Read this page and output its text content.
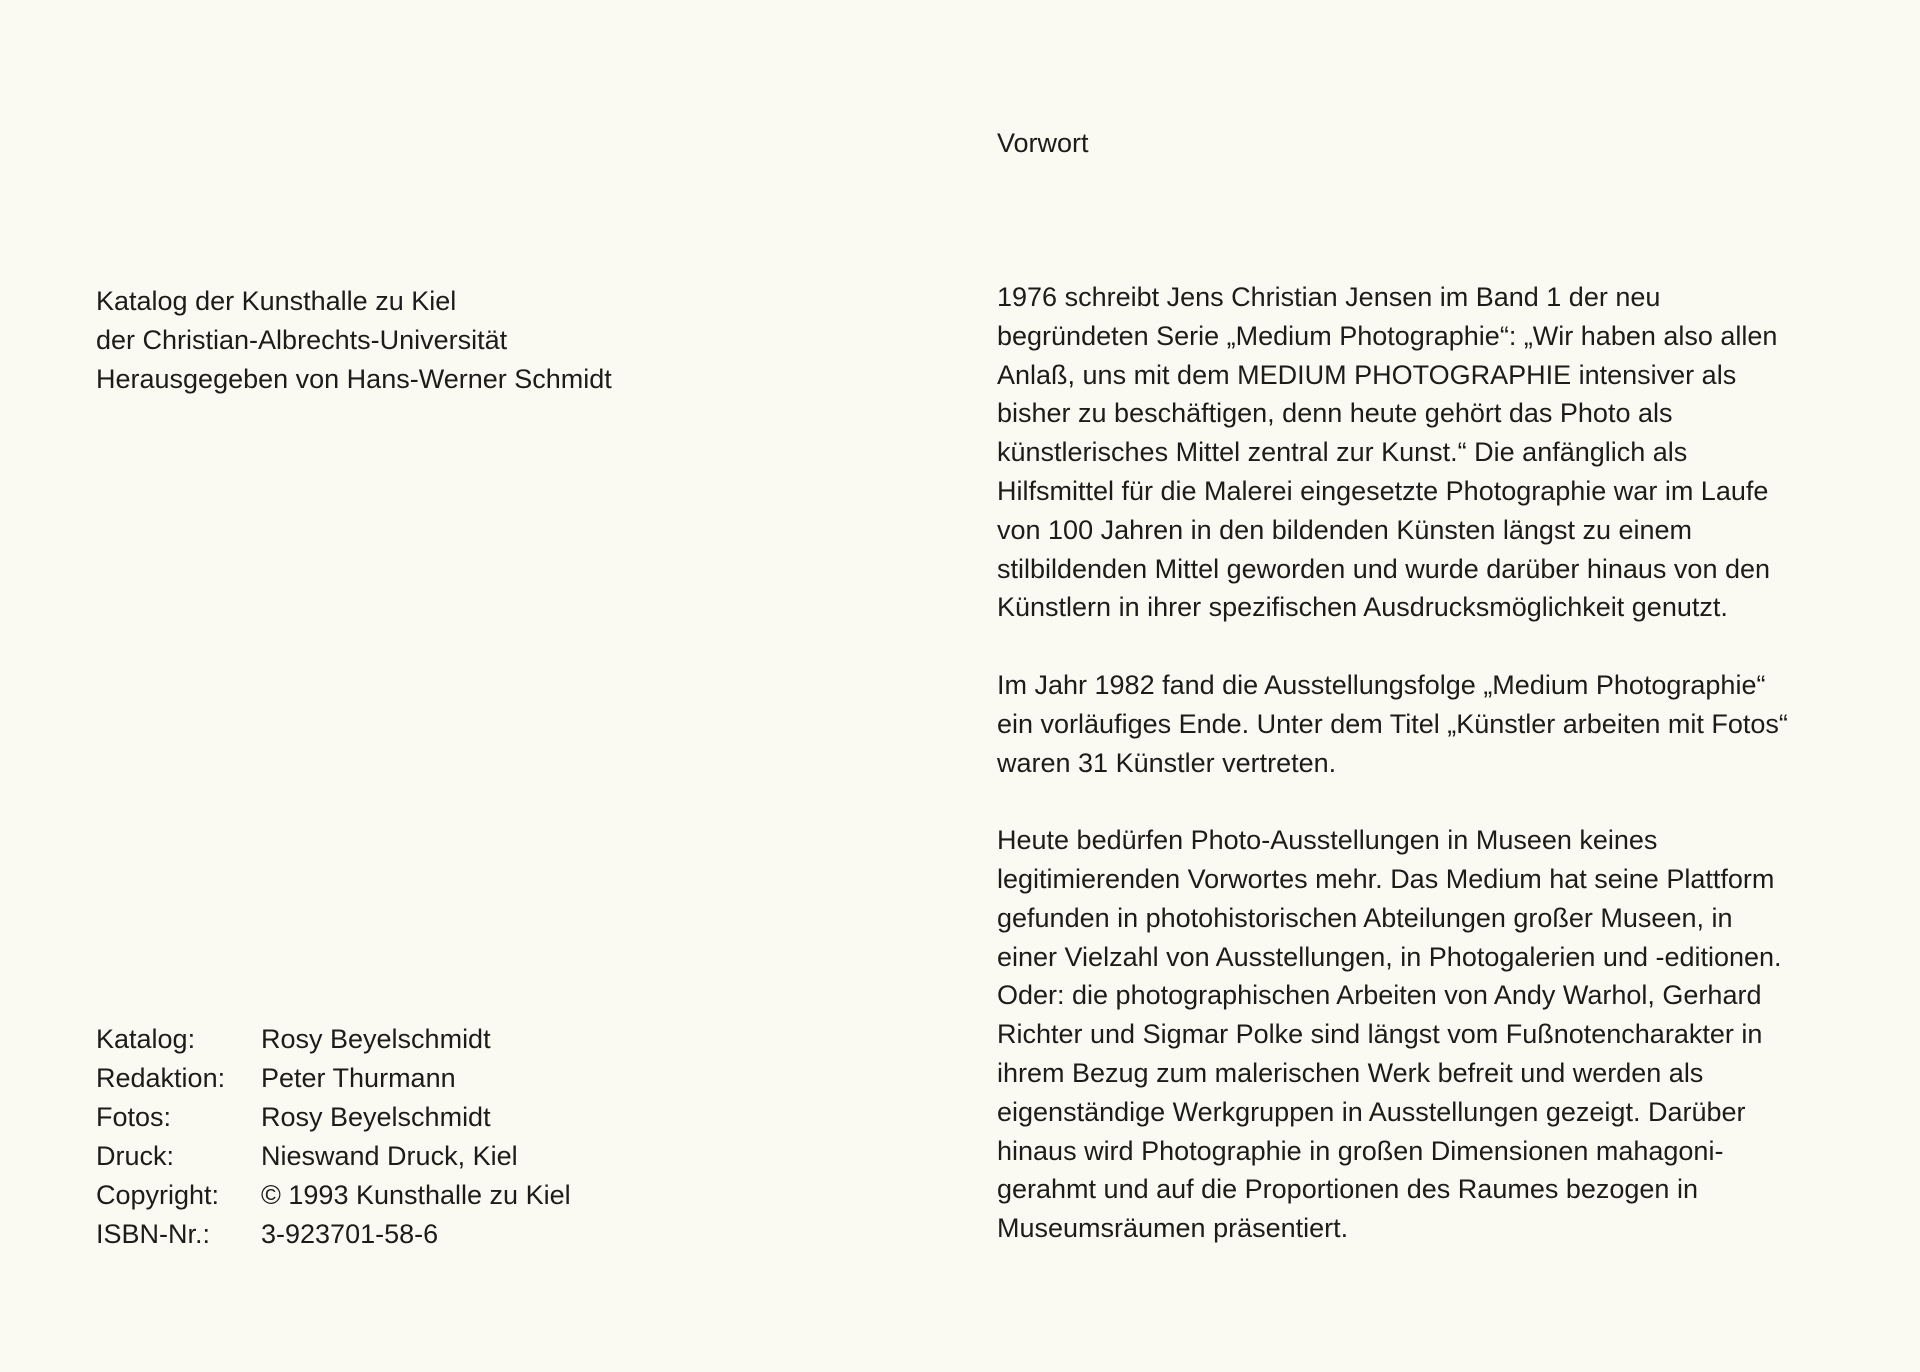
Katalog der Kunsthalle zu Kiel
der Christian-Albrechts-Universität
Herausgegeben von Hans-Werner Schmidt
Katalog:	Rosy Beyelschmidt
Redaktion:	Peter Thurmann
Fotos:	Rosy Beyelschmidt
Druck:	Nieswand Druck, Kiel
Copyright:	© 1993 Kunsthalle zu Kiel
ISBN-Nr.:	3-923701-58-6
Vorwort

1976 schreibt Jens Christian Jensen im Band 1 der neu
begründeten Serie „Medium Photographie“: „Wir haben also allen
Anlaß, uns mit dem MEDIUM PHOTOGRAPHIE intensiver als
bisher zu beschäftigen, denn heute gehört das Photo als
künstlerisches Mittel zentral zur Kunst.“ Die anfänglich als
Hilfsmittel für die Malerei eingesetzte Photographie war im Laufe
von 100 Jahren in den bildenden Künsten längst zu einem
stilbildenden Mittel geworden und wurde darüber hinaus von den
Künstlern in ihrer spezifischen Ausdrucksmöglichkeit genutzt.

Im Jahr 1982 fand die Ausstellungsfolge „Medium Photographie“
ein vorläufiges Ende. Unter dem Titel „Künstler arbeiten mit Fotos“
waren 31 Künstler vertreten.

Heute bedürfen Photo-Ausstellungen in Museen keines
legitimierenden Vorwortes mehr. Das Medium hat seine Plattform
gefunden in photohistorischen Abteilungen großer Museen, in
einer Vielzahl von Ausstellungen, in Photogalerien und -editionen.
Oder: die photographischen Arbeiten von Andy Warhol, Gerhard
Richter und Sigmar Polke sind längst vom Fußnotencharakter in
ihrem Bezug zum malerischen Werk befreit und werden als
eigenständige Werkgruppen in Ausstellungen gezeigt. Darüber
hinaus wird Photographie in großen Dimensionen mahagoni-
gerahmt und auf die Proportionen des Raumes bezogen in
Museumsräumen präsentiert.
